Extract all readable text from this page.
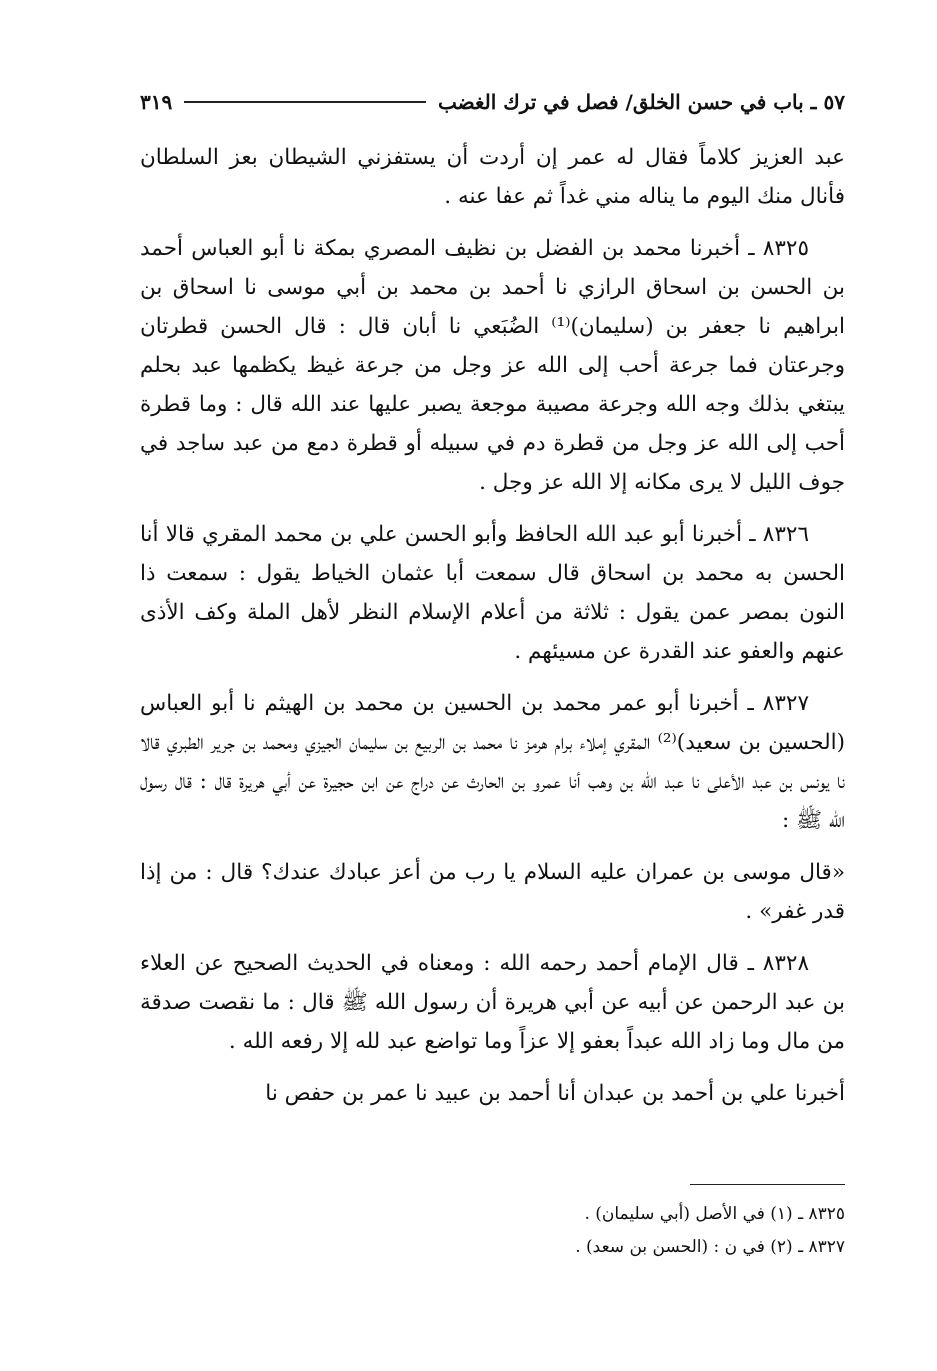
٥٧ ـ باب في حسن الخلق/ فصل في ترك الغضب
٣١٩

عبد العزيز كلاماً فقال له عمر إن أردت أن يستفزني الشيطان بعز السلطان فأنال منك اليوم ما يناله مني غداً ثم عفا عنه .

٨٣٢٥ ـ أخبرنا محمد بن الفضل بن نظيف المصري بمكة نا أبو العباس أحمد بن الحسن بن اسحاق الرازي نا أحمد بن محمد بن أبي موسى نا اسحاق بن ابراهيم نا جعفر بن (سليمان)⁽¹⁾ الضُبَعي نا أبان قال : قال الحسن قطرتان وجرعتان فما جرعة أحب إلى الله عز وجل من جرعة غيظ يكظمها عبد بحلم يبتغي بذلك وجه الله وجرعة مصيبة موجعة يصبر عليها عند الله قال : وما قطرة أحب إلى الله عز وجل من قطرة دم في سبيله أو قطرة دمع من عبد ساجد في جوف الليل لا يرى مكانه إلا الله عز وجل .

٨٣٢٦ ـ أخبرنا أبو عبد الله الحافظ وأبو الحسن علي بن محمد المقري قالا أنا الحسن به محمد بن اسحاق قال سمعت أبا عثمان الخياط يقول : سمعت ذا النون بمصر عمن يقول : ثلاثة من أعلام الإسلام النظر لأهل الملة وكف الأذى عنهم والعفو عند القدرة عن مسيئهم .

٨٣٢٧ ـ أخبرنا أبو عمر محمد بن الحسين بن محمد بن الهيثم نا أبو العباس (الحسين بن سعيد)⁽²⁾ المقري إملاء برام هرمز نا محمد بن الربيع بن سليمان الجيزي ومحمد بن جرير الطبري قالا نا يونس بن عبد الأعلى نا عبد الله بن وهب أنا عمرو بن الحارث عن دراج عن ابن حجيرة عن أبي هريرة قال : قال رسول الله ﷺ :

«قال موسى بن عمران عليه السلام يا رب من أعز عبادك عندك؟ قال : من إذا قدر غفر» .

٨٣٢٨ ـ قال الإمام أحمد رحمه الله : ومعناه في الحديث الصحيح عن العلاء بن عبد الرحمن عن أبيه عن أبي هريرة أن رسول الله ﷺ قال : ما نقصت صدقة من مال وما زاد الله عبداً بعفو إلا عزاً وما تواضع عبد لله إلا رفعه الله .

أخبرنا علي بن أحمد بن عبدان أنا أحمد بن عبيد نا عمر بن حفص نا

٨٣٢٥ ـ (١) في الأصل (أبي سليمان) .

٨٣٢٧ ـ (٢) في ن : (الحسن بن سعد) .
